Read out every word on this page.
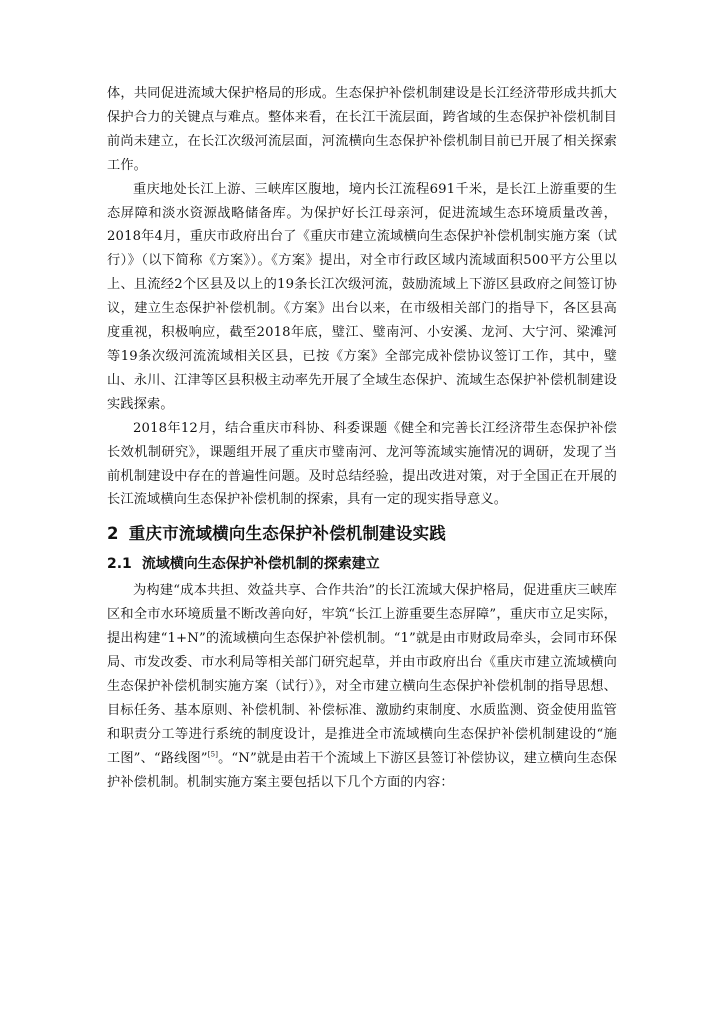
体，共同促进流域大保护格局的形成。生态保护补偿机制建设是长江经济带形成共抓大保护合力的关键点与难点。整体来看，在长江干流层面，跨省域的生态保护补偿机制目前尚未建立，在长江次级河流层面，河流横向生态保护补偿机制目前已开展了相关探索工作。

重庆地处长江上游、三峡库区腹地，境内长江流程691千米，是长江上游重要的生态屏障和淡水资源战略储备库。为保护好长江母亲河，促进流域生态环境质量改善， 2018年4月，重庆市政府出台了《重庆市建立流域横向生态保护补偿机制实施方案（试行）》（以下简称《方案》）。《方案》提出，对全市行政区域内流域面积500平方公里以上、且流经2个区县及以上的19条长江次级河流，鼓励流域上下游区县政府之间签订协议，建立生态保护补偿机制。《方案》出台以来，在市级相关部门的指导下，各区县高度重视，积极响应，截至2018年底，璧江、璧南河、小安溪、龙河、大宁河、梁滩河等19条次级河流流域相关区县，已按《方案》全部完成补偿协议签订工作，其中，璧山、永川、江津等区县积极主动率先开展了全域生态保护、流域生态保护补偿机制建设实践探索。

2018年12月，结合重庆市科协、科委课题《健全和完善长江经济带生态保护补偿长效机制研究》，课题组开展了重庆市璧南河、龙河等流域实施情况的调研，发现了当前机制建设中存在的普遍性问题。及时总结经验，提出改进对策，对于全国正在开展的长江流域横向生态保护补偿机制的探索，具有一定的现实指导意义。

2 重庆市流域横向生态保护补偿机制建设实践
2.1 流域横向生态保护补偿机制的探索建立

为构建“成本共担、效益共享、合作共治”的长江流域大保护格局，促进重庆三峡库区和全市水环境质量不断改善向好，牢筑“长江上游重要生态屏障”，重庆市立足实际，提出构建“1+N”的流域横向生态保护补偿机制。“1”就是由市财政局牵头，会同市环保局、市发改委、市水利局等相关部门研究起草，并由市政府出台《重庆市建立流域横向生态保护补偿机制实施方案（试行）》，对全市建立横向生态保护补偿机制的指导思想、目标任务、基本原则、补偿机制、补偿标准、激励约束制度、水质监测、资金使用监管和职责分工等进行系统的制度设计，是推进全市流域横向生态保护补偿机制建设的“施工图”、“路线图”[5]。“N”就是由若干个流域上下游区县签订补偿协议，建立横向生态保护补偿机制。机制实施方案主要包括以下几个方面的内容：
